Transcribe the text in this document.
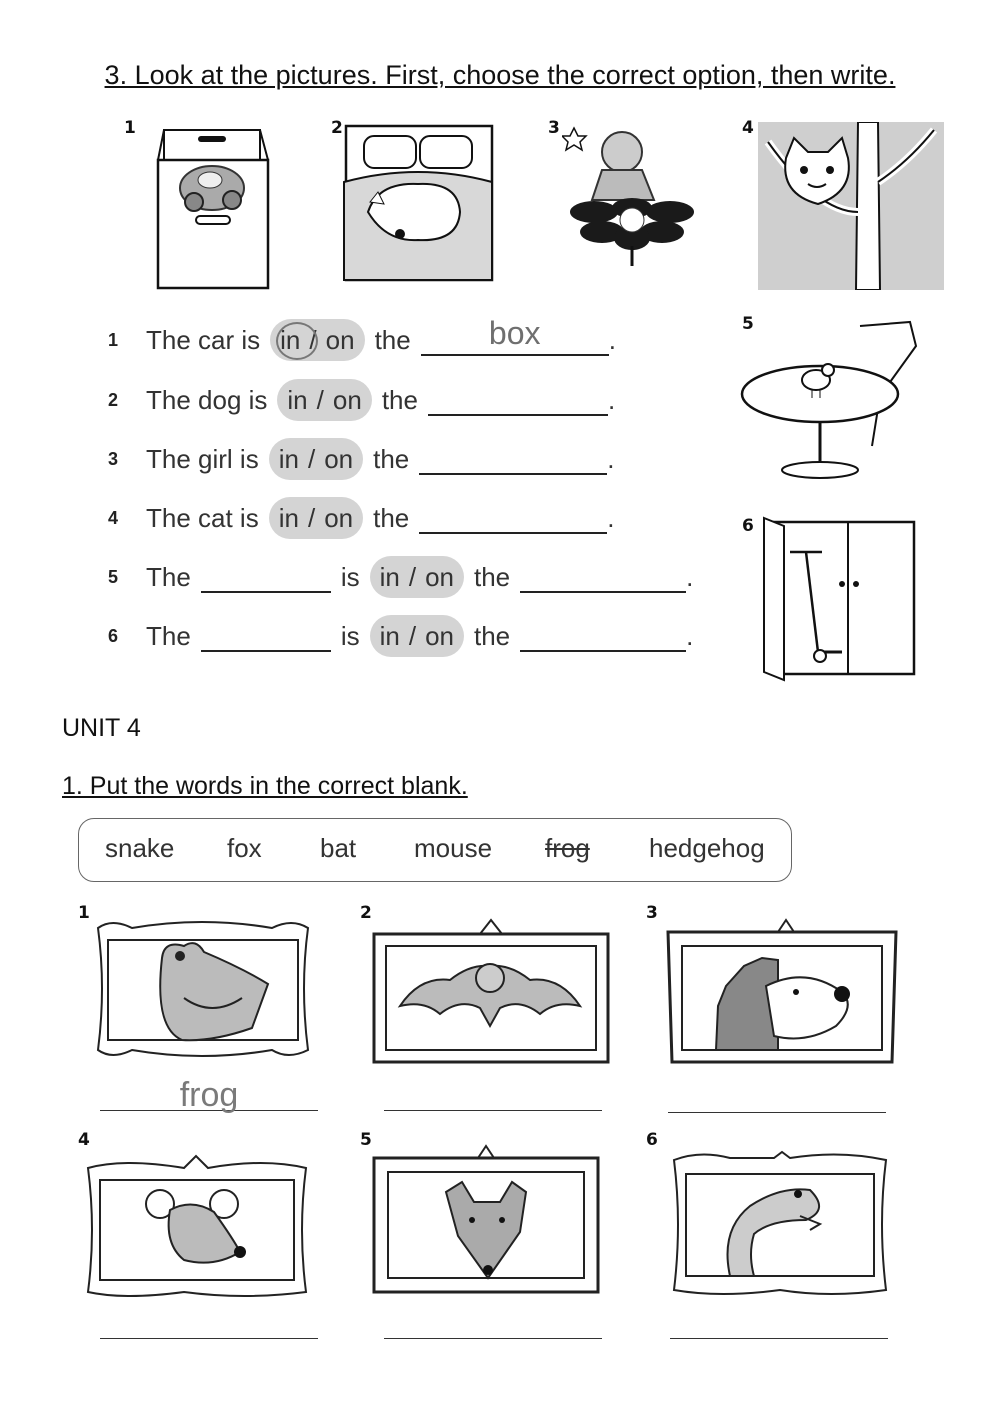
3. Look at the pictures. First, choose the correct option, then write.
1	2	3	4
5
6
1	The car is in / on the	box	.
2	The dog is in / on the	.
3	The girl is in / on the	.
4	The cat is in / on the	.
5	The	is in / on the	.
6	The	is in / on the	.
UNIT 4
1. Put the words in the correct blank.
snake fox bat mouse frog hedgehog
1
frog
2	3
4	5	6
